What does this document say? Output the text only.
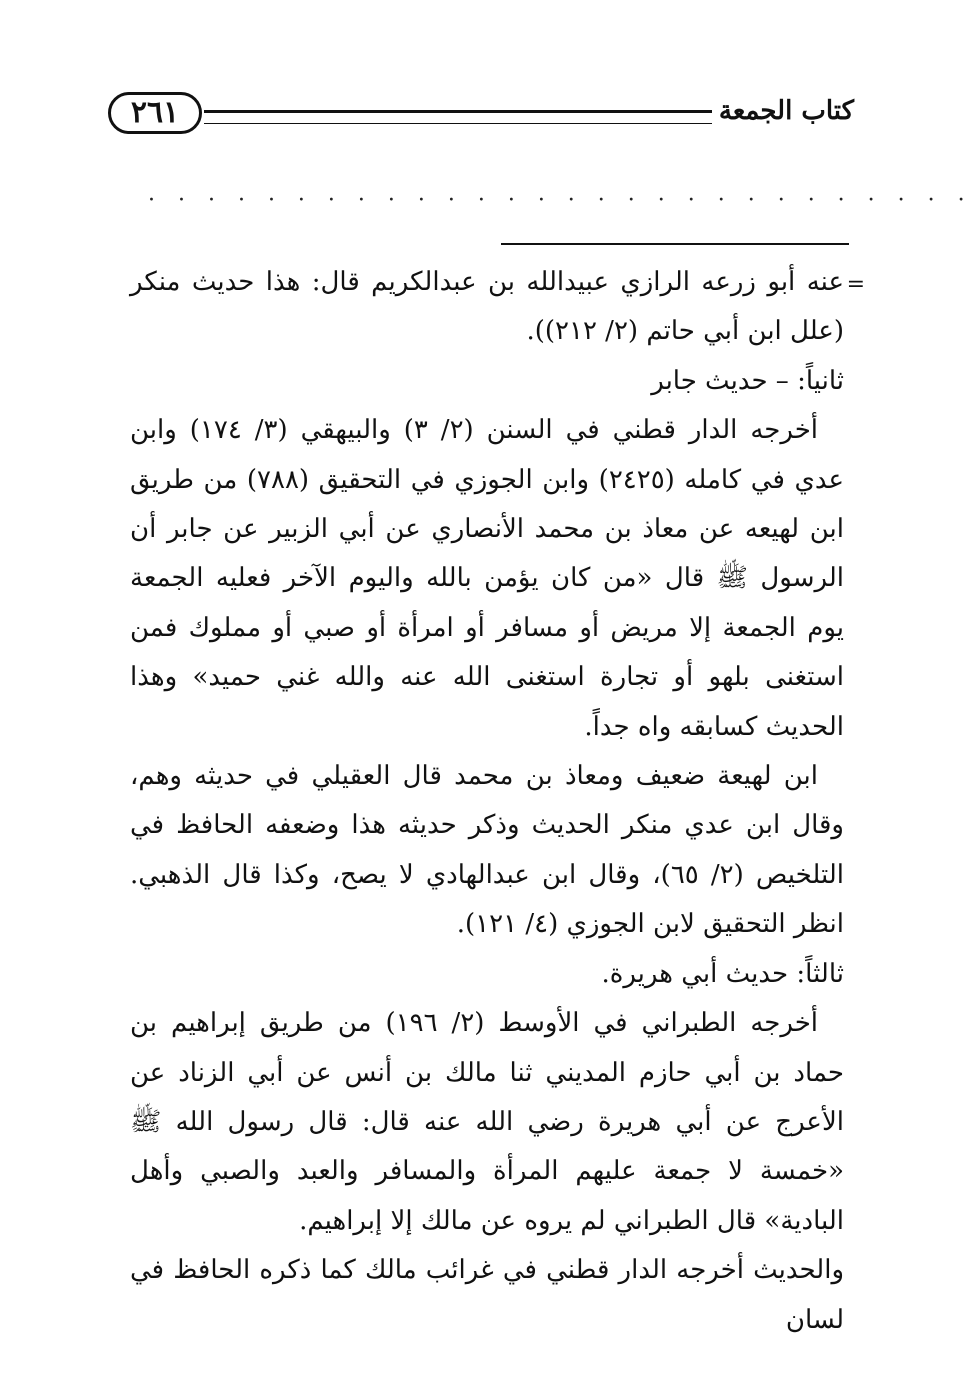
كتاب الجمعة
٢٦١
· · · · · · · · · · · · · · · · · · · · · · · · · · · ·
=

عنه أبو زرعه الرازي عبيدالله بن عبدالكريم قال: هذا حديث منكر (علل ابن أبي حاتم (٢/ ٢١٢)).

ثانياً: – حديث جابر

أخرجه الدار قطني في السنن (٢/ ٣) والبيهقي (٣/ ١٧٤) وابن عدي في كامله (٢٤٢٥) وابن الجوزي في التحقيق (٧٨٨) من طريق ابن لهيعه عن معاذ بن محمد الأنصاري عن أبي الزبير عن جابر أن الرسول ﷺ قال «من كان يؤمن بالله واليوم الآخر فعليه الجمعة يوم الجمعة إلا مريض أو مسافر أو امرأة أو صبي أو مملوك فمن استغنى بلهو أو تجارة استغنى الله عنه والله غني حميد» وهذا الحديث كسابقه واه جداً.

ابن لهيعة ضعيف ومعاذ بن محمد قال العقيلي في حديثه وهم، وقال ابن عدي منكر الحديث وذكر حديثه هذا وضعفه الحافظ في التلخيص (٢/ ٦٥)، وقال ابن عبدالهادي لا يصح، وكذا قال الذهبي. انظر التحقيق لابن الجوزي (٤/ ١٢١).

ثالثاً: حديث أبي هريرة.

أخرجه الطبراني في الأوسط (٢/ ١٩٦) من طريق إبراهيم بن حماد بن أبي حازم المديني ثنا مالك بن أنس عن أبي الزناد عن الأعرج عن أبي هريرة رضي الله عنه قال: قال رسول الله ﷺ «خمسة لا جمعة عليهم المرأة والمسافر والعبد والصبي وأهل البادية» قال الطبراني لم يروه عن مالك إلا إبراهيم.

والحديث أخرجه الدار قطني في غرائب مالك كما ذكره الحافظ في لسان
